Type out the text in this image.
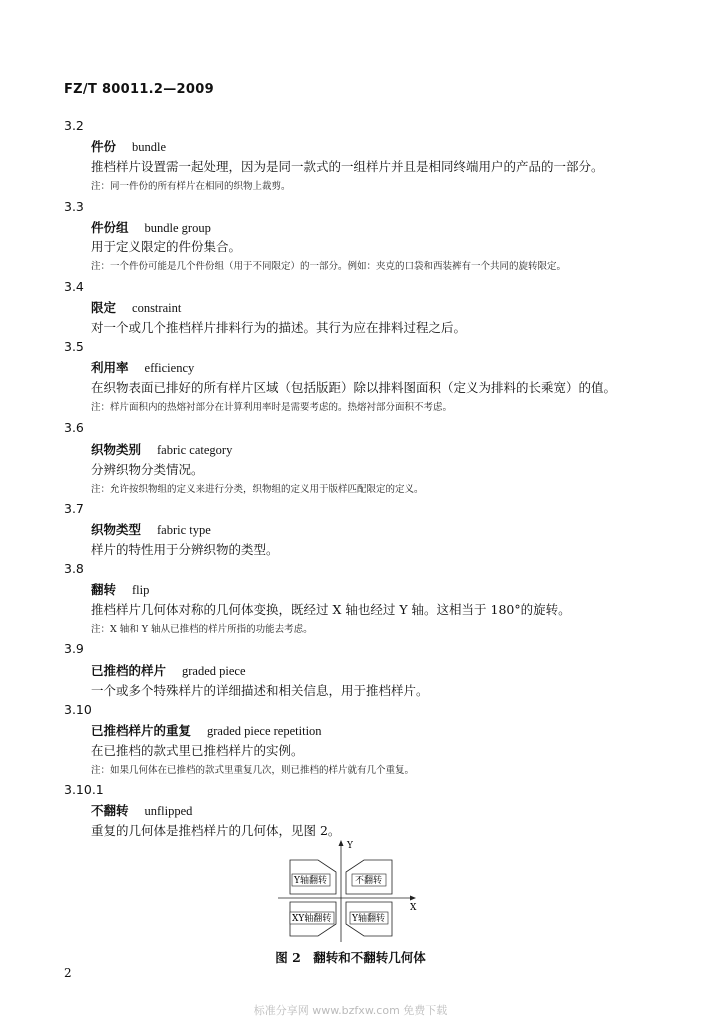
FZ/T 80011.2—2009
3.2
件份 bundle
推档样片设置需一起处理，因为是同一款式的一组样片并且是相同终端用户的产品的一部分。
注：同一件份的所有样片在相同的织物上裁剪。
3.3
件份组 bundle group
用于定义限定的件份集合。
注：一个件份可能是几个件份组（用于不同限定）的一部分。例如：夹克的口袋和西装裤有一个共同的旋转限定。
3.4
限定 constraint
对一个或几个推档样片排料行为的描述。其行为应在排料过程之后。
3.5
利用率 efficiency
在织物表面已排好的所有样片区域（包括版距）除以排料图面积（定义为排料的长乘宽）的值。
注：样片面积内的热熔衬部分在计算利用率时是需要考虑的。热熔衬部分面积不考虑。
3.6
织物类别 fabric category
分辨织物分类情况。
注：允许按织物组的定义来进行分类，织物组的定义用于版样匹配限定的定义。
3.7
织物类型 fabric type
样片的特性用于分辨织物的类型。
3.8
翻转 flip
推档样片几何体对称的几何体变换，既经过 X 轴也经过 Y 轴。这相当于 180°的旋转。
注：X 轴和 Y 轴从已推档的样片所指的功能去考虑。
3.9
已推档的样片 graded piece
一个或多个特殊样片的详细描述和相关信息，用于推档样片。
3.10
已推档样片的重复 graded piece repetition
在已推档的款式里已推档样片的实例。
注：如果几何体在已推档的款式里重复几次，则已推档的样片就有几个重复。
3.10.1
不翻转 unflipped
重复的几何体是推档样片的几何体，见图 2。
Y
X
Y轴翻转	不翻转
XY轴翻转 Y轴翻转
图 2　翻转和不翻转几何体
2
标准分享网 www.bzfxw.com 免费下载
